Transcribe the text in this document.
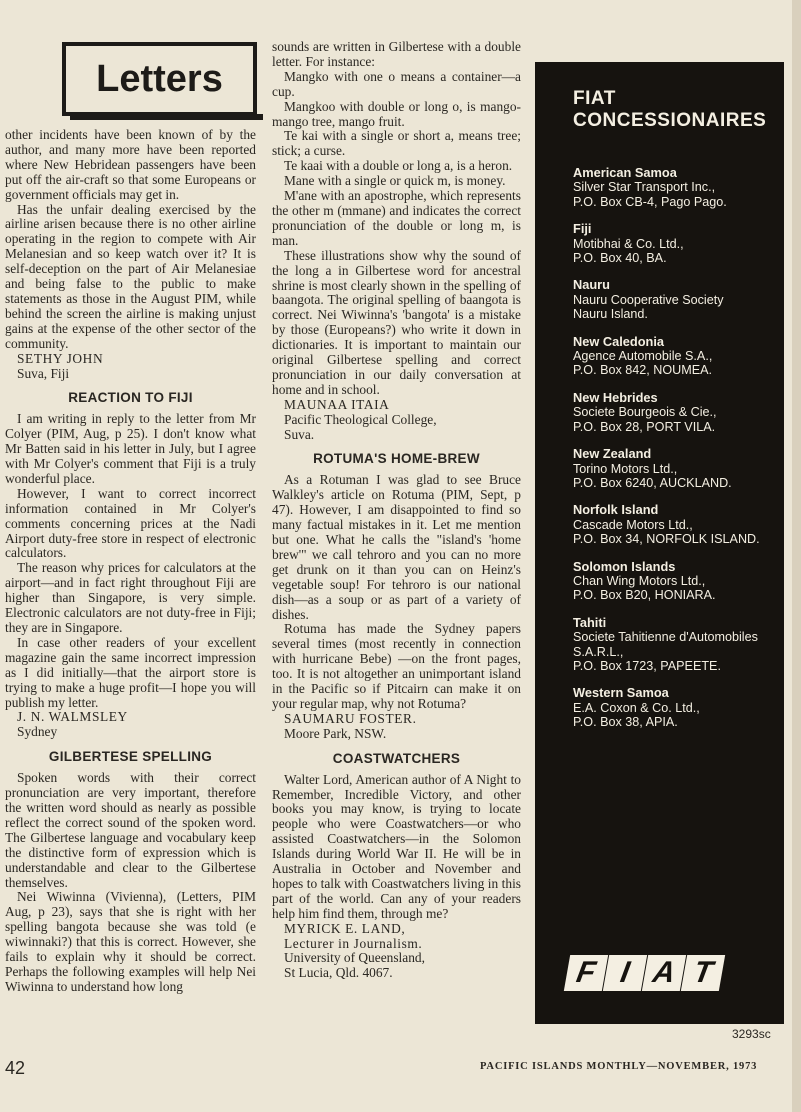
Letters

other incidents have been known of by the author, and many more have been reported where New Hebridean passengers have been put off the air-craft so that some Europeans or government officials may get in.

Has the unfair dealing exercised by the airline arisen because there is no other airline operating in the region to compete with Air Melanesian and so keep watch over it? It is self-deception on the part of Air Melanesiae and being false to the public to make statements as those in the August PIM, while behind the screen the airline is making unjust gains at the expense of the other sector of the community.

SETHY JOHN

Suva, Fiji

REACTION TO FIJI

I am writing in reply to the letter from Mr Colyer (PIM, Aug, p 25). I don't know what Mr Batten said in his letter in July, but I agree with Mr Colyer's comment that Fiji is a truly wonderful place.

However, I want to correct incorrect information contained in Mr Colyer's comments concerning prices at the Nadi Airport duty-free store in respect of electronic calculators.

The reason why prices for calculators at the airport—and in fact right throughout Fiji are higher than Singapore, is very simple. Electronic calculators are not duty-free in Fiji; they are in Singapore.

In case other readers of your excellent magazine gain the same incorrect impression as I did initially—that the airport store is trying to make a huge profit—I hope you will publish my letter.

J. N. WALMSLEY

Sydney

GILBERTESE SPELLING

Spoken words with their correct pronunciation are very important, therefore the written word should as nearly as possible reflect the correct sound of the spoken word. The Gilbertese language and vocabulary keep the distinctive form of expression which is understandable and clear to the Gilbertese themselves.

Nei Wiwinna (Vivienna), (Letters, PIM Aug, p 23), says that she is right with her spelling bangota because she was told (e wiwinnaki?) that this is correct. However, she fails to explain why it should be correct. Perhaps the following examples will help Nei Wiwinna to understand how long

sounds are written in Gilbertese with a double letter. For instance:

Mangko with one o means a container—a cup.

Mangkoo with double or long o, is mango-mango tree, mango fruit.

Te kai with a single or short a, means tree; stick; a curse.

Te kaai with a double or long a, is a heron.

Mane with a single or quick m, is money.

M'ane with an apostrophe, which represents the other m (mmane) and indicates the correct pronunciation of the double or long m, is man.

These illustrations show why the sound of the long a in Gilbertese word for ancestral shrine is most clearly shown in the spelling of baangota. The original spelling of baangota is correct. Nei Wiwinna's 'bangota' is a mistake by those (Europeans?) who write it down in dictionaries. It is important to maintain our original Gilbertese spelling and correct pronunciation in our daily conversation at home and in school.

MAUNAA ITAIA

Pacific Theological College,

Suva.

ROTUMA'S HOME-BREW

As a Rotuman I was glad to see Bruce Walkley's article on Rotuma (PIM, Sept, p 47). However, I am disappointed to find so many factual mistakes in it. Let me mention but one. What he calls the "island's 'home brew'" we call tehroro and you can no more get drunk on it than you can on Heinz's vegetable soup! For tehroro is our national dish—as a soup or as part of a variety of dishes.

Rotuma has made the Sydney papers several times (most recently in connection with hurricane Bebe) —on the front pages, too. It is not altogether an unimportant island in the Pacific so if Pitcairn can make it on your regular map, why not Rotuma?

SAUMARU FOSTER.

Moore Park, NSW.

COASTWATCHERS

Walter Lord, American author of A Night to Remember, Incredible Victory, and other books you may know, is trying to locate people who were Coastwatchers—or who assisted Coastwatchers—in the Solomon Islands during World War II. He will be in Australia in October and November and hopes to talk with Coastwatchers living in this part of the world. Can any of your readers help him find them, through me?

MYRICK E. LAND,

Lecturer in Journalism.

University of Queensland,

St Lucia, Qld. 4067.

FIAT
CONCESSIONAIRES
American Samoa
Silver Star Transport Inc.,
P.O. Box CB-4, Pago Pago.
Fiji
Motibhai & Co. Ltd.,
P.O. Box 40, BA.
Nauru
Nauru Cooperative Society
Nauru Island.
New Caledonia
Agence Automobile S.A.,
P.O. Box 842, NOUMEA.
New Hebrides
Societe Bourgeois & Cie.,
P.O. Box 28, PORT VILA.
New Zealand
Torino Motors Ltd.,
P.O. Box 6240, AUCKLAND.
Norfolk Island
Cascade Motors Ltd.,
P.O. Box 34, NORFOLK ISLAND.
Solomon Islands
Chan Wing Motors Ltd.,
P.O. Box B20, HONIARA.
Tahiti
Societe Tahitienne d'Automobiles S.A.R.L.,
P.O. Box 1723, PAPEETE.
Western Samoa
E.A. Coxon & Co. Ltd.,
P.O. Box 38, APIA.
F I A T
3293sc
42	PACIFIC ISLANDS MONTHLY—NOVEMBER, 1973
